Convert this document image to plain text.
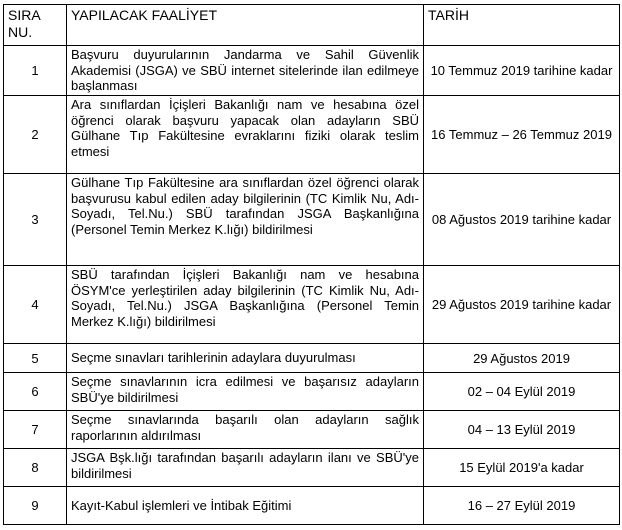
SIRA
NU.	YAPILACAK FAALİYET	TARİH
1	Başvuru duyurularının Jandarma ve Sahil Güvenlik Akademisi (JSGA) ve SBÜ internet sitelerinde ilan edilmeye başlanması	10 Temmuz 2019 tarihine kadar
2	Ara sınıflardan İçişleri Bakanlığı nam ve hesabına özel öğrenci olarak başvuru yapacak olan adayların SBÜ Gülhane Tıp Fakültesine evraklarını fiziki olarak teslim etmesi	16 Temmuz – 26 Temmuz 2019
3	Gülhane Tıp Fakültesine ara sınıflardan özel öğrenci olarak başvurusu kabul edilen aday bilgilerinin (TC Kimlik Nu, Adı-Soyadı, Tel.Nu.) SBÜ tarafından JSGA Başkanlığına (Personel Temin Merkez K.lığı) bildirilmesi	08 Ağustos 2019 tarihine kadar
4	SBÜ tarafından İçişleri Bakanlığı nam ve hesabına ÖSYM'ce yerleştirilen aday bilgilerinin (TC Kimlik Nu, Adı-Soyadı, Tel.Nu.) JSGA Başkanlığına (Personel Temin Merkez K.lığı) bildirilmesi	29 Ağustos 2019 tarihine kadar
5	Seçme sınavları tarihlerinin adaylara duyurulması	29 Ağustos 2019
6	Seçme sınavlarının icra edilmesi ve başarısız adayların SBÜ'ye bildirilmesi	02 – 04 Eylül 2019
7	Seçme sınavlarında başarılı olan adayların sağlık raporlarının aldırılması	04 – 13 Eylül 2019
8	JSGA Bşk.lığı tarafından başarılı adayların ilanı ve SBÜ'ye bildirilmesi	15 Eylül 2019'a kadar
9	Kayıt-Kabul işlemleri ve İntibak Eğitimi	16 – 27 Eylül 2019
